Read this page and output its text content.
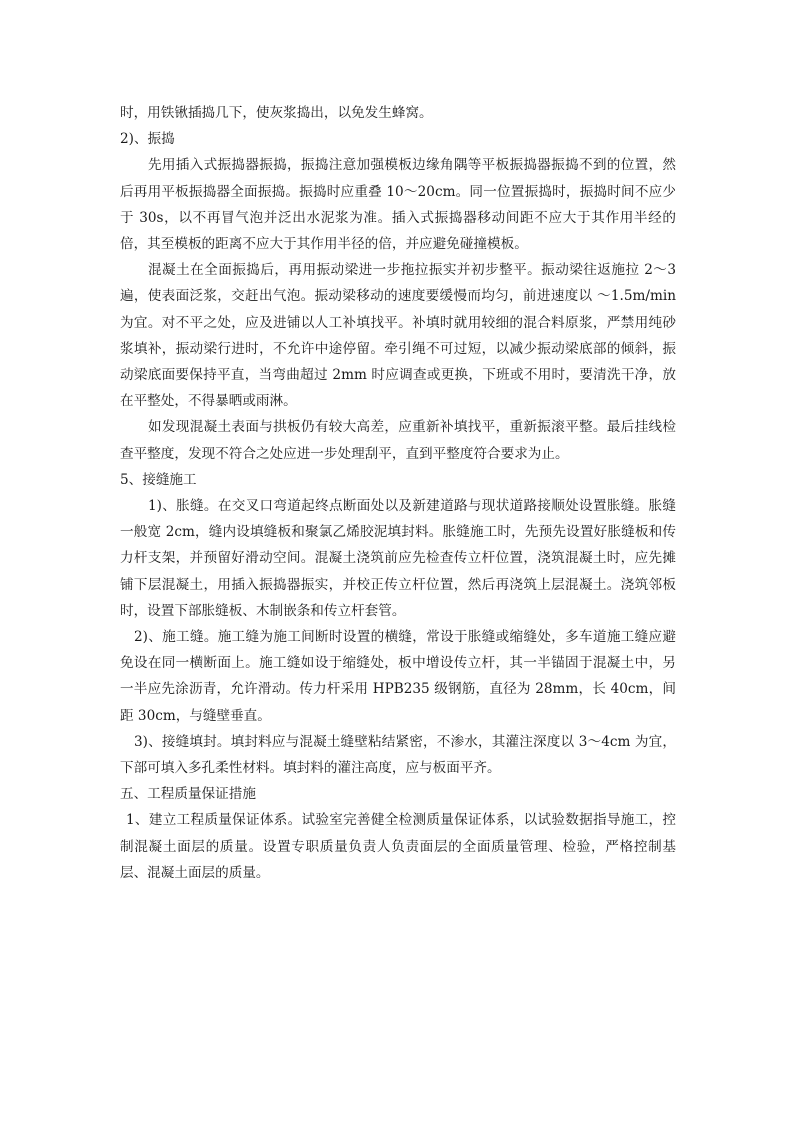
时，用铁锹插捣几下，使灰浆捣出，以免发生蜂窝。

2)、振捣

先用插入式振捣器振捣，振捣注意加强模板边缘角隅等平板振捣器振捣不到的位置，然后再用平板振捣器全面振捣。振捣时应重叠 10～20cm。同一位置振捣时，振捣时间不应少于 30s，以不再冒气泡并泛出水泥浆为准。插入式振捣器移动间距不应大于其作用半经的倍，其至模板的距离不应大于其作用半径的倍，并应避免碰撞模板。

混凝土在全面振捣后，再用振动梁进一步拖拉振实并初步整平。振动梁往返施拉 2～3 遍，使表面泛浆，交赶出气泡。振动梁移动的速度要缓慢而均匀，前进速度以 ～1.5m/min 为宜。对不平之处，应及进铺以人工补填找平。补填时就用较细的混合料原浆，严禁用纯砂浆填补，振动梁行进时，不允许中途停留。牵引绳不可过短，以减少振动梁底部的倾斜，振动梁底面要保持平直，当弯曲超过 2mm 时应调查或更换，下班或不用时，要清洗干净，放在平整处，不得暴晒或雨淋。

如发现混凝土表面与拱板仍有较大高差，应重新补填找平，重新振滚平整。最后挂线检查平整度，发现不符合之处应进一步处理刮平，直到平整度符合要求为止。

5、接缝施工

1)、胀缝。在交叉口弯道起终点断面处以及新建道路与现状道路接顺处设置胀缝。胀缝一般宽 2cm，缝内设填缝板和聚氯乙烯胶泥填封料。胀缝施工时，先预先设置好胀缝板和传力杆支架，并预留好滑动空间。混凝土浇筑前应先检查传立杆位置，浇筑混凝土时，应先摊铺下层混凝土，用插入振捣器振实，并校正传立杆位置，然后再浇筑上层混凝土。浇筑邻板时，设置下部胀缝板、木制嵌条和传立杆套管。

2)、施工缝。施工缝为施工间断时设置的横缝，常设于胀缝或缩缝处，多车道施工缝应避免设在同一横断面上。施工缝如设于缩缝处，板中增设传立杆，其一半锚固于混凝土中，另一半应先涂沥青，允许滑动。传力杆采用 HPB235 级钢筋，直径为 28mm，长 40cm，间距 30cm，与缝壁垂直。

3)、接缝填封。填封料应与混凝土缝壁粘结紧密，不渗水，其灌注深度以 3～4cm 为宜，下部可填入多孔柔性材料。填封料的灌注高度，应与板面平齐。

五、工程质量保证措施

1、建立工程质量保证体系。试验室完善健全检测质量保证体系，以试验数据指导施工，控制混凝土面层的质量。设置专职质量负责人负责面层的全面质量管理、检验，严格控制基层、混凝土面层的质量。
